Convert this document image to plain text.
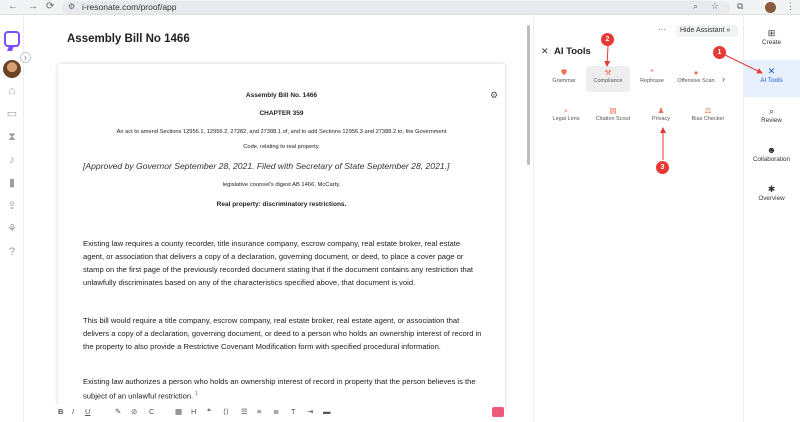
← → ⟳ ⚙ i-resonate.com/proof/app	⌕ ☆ ⧉	⋮
›
⌂
▭
⧗
♪
▮
⇪
⚘
?
Assembly Bill No 1466
⚙
Assembly Bill No. 1466
CHAPTER 359
An act to amend Sections 12956.1, 12956.2, 27282, and 27388.1 of, and to add Sections 12956.3 and 27388.2 to, the Government
Code, relating to real property.
[Approved by Governor September 28, 2021. Filed with Secretary of State September 28, 2021.]
legislative counsel's digest AB 1466, McCarty.
Real property: discriminatory restrictions.
Existing law requires a county recorder, title insurance company, escrow company, real estate broker, real estate agent, or association that delivers a copy of a declaration, governing document, or deed, to place a cover page or stamp on the first page of the previously recorded document stating that if the document contains any restriction that unlawfully discriminates based on any of the characteristics specified above, that document is void.
This bill would require a title company, escrow company, real estate broker, real estate agent, or association that delivers a copy of a declaration, governing document, or deed to a person who holds an ownership interest of record in the property to also provide a Restrictive Covenant Modification form with specified procedural information.
Existing law authorizes a person who holds an ownership interest of record in property that the person believes is the subject of an unlawful restriction. $^1$
B I U	✎ ⊘ C	▦ H ❝ ⟨⟩ ☰ ≡ ≣ T ⇥ ▬
···	Hide Assistant »
✕ AI Tools
⛊
Grammar
⚒
Compliance
❞
Rephrase
●
Offensive Scan ›
⌕
Legal Lens
▤
Citation Scout
♟
Privacy
⚖
Bias Checker
⊞
Create
✕
AI Tools
⌕
Review
☻
Collaboration
✱
Overview
1
2
3
